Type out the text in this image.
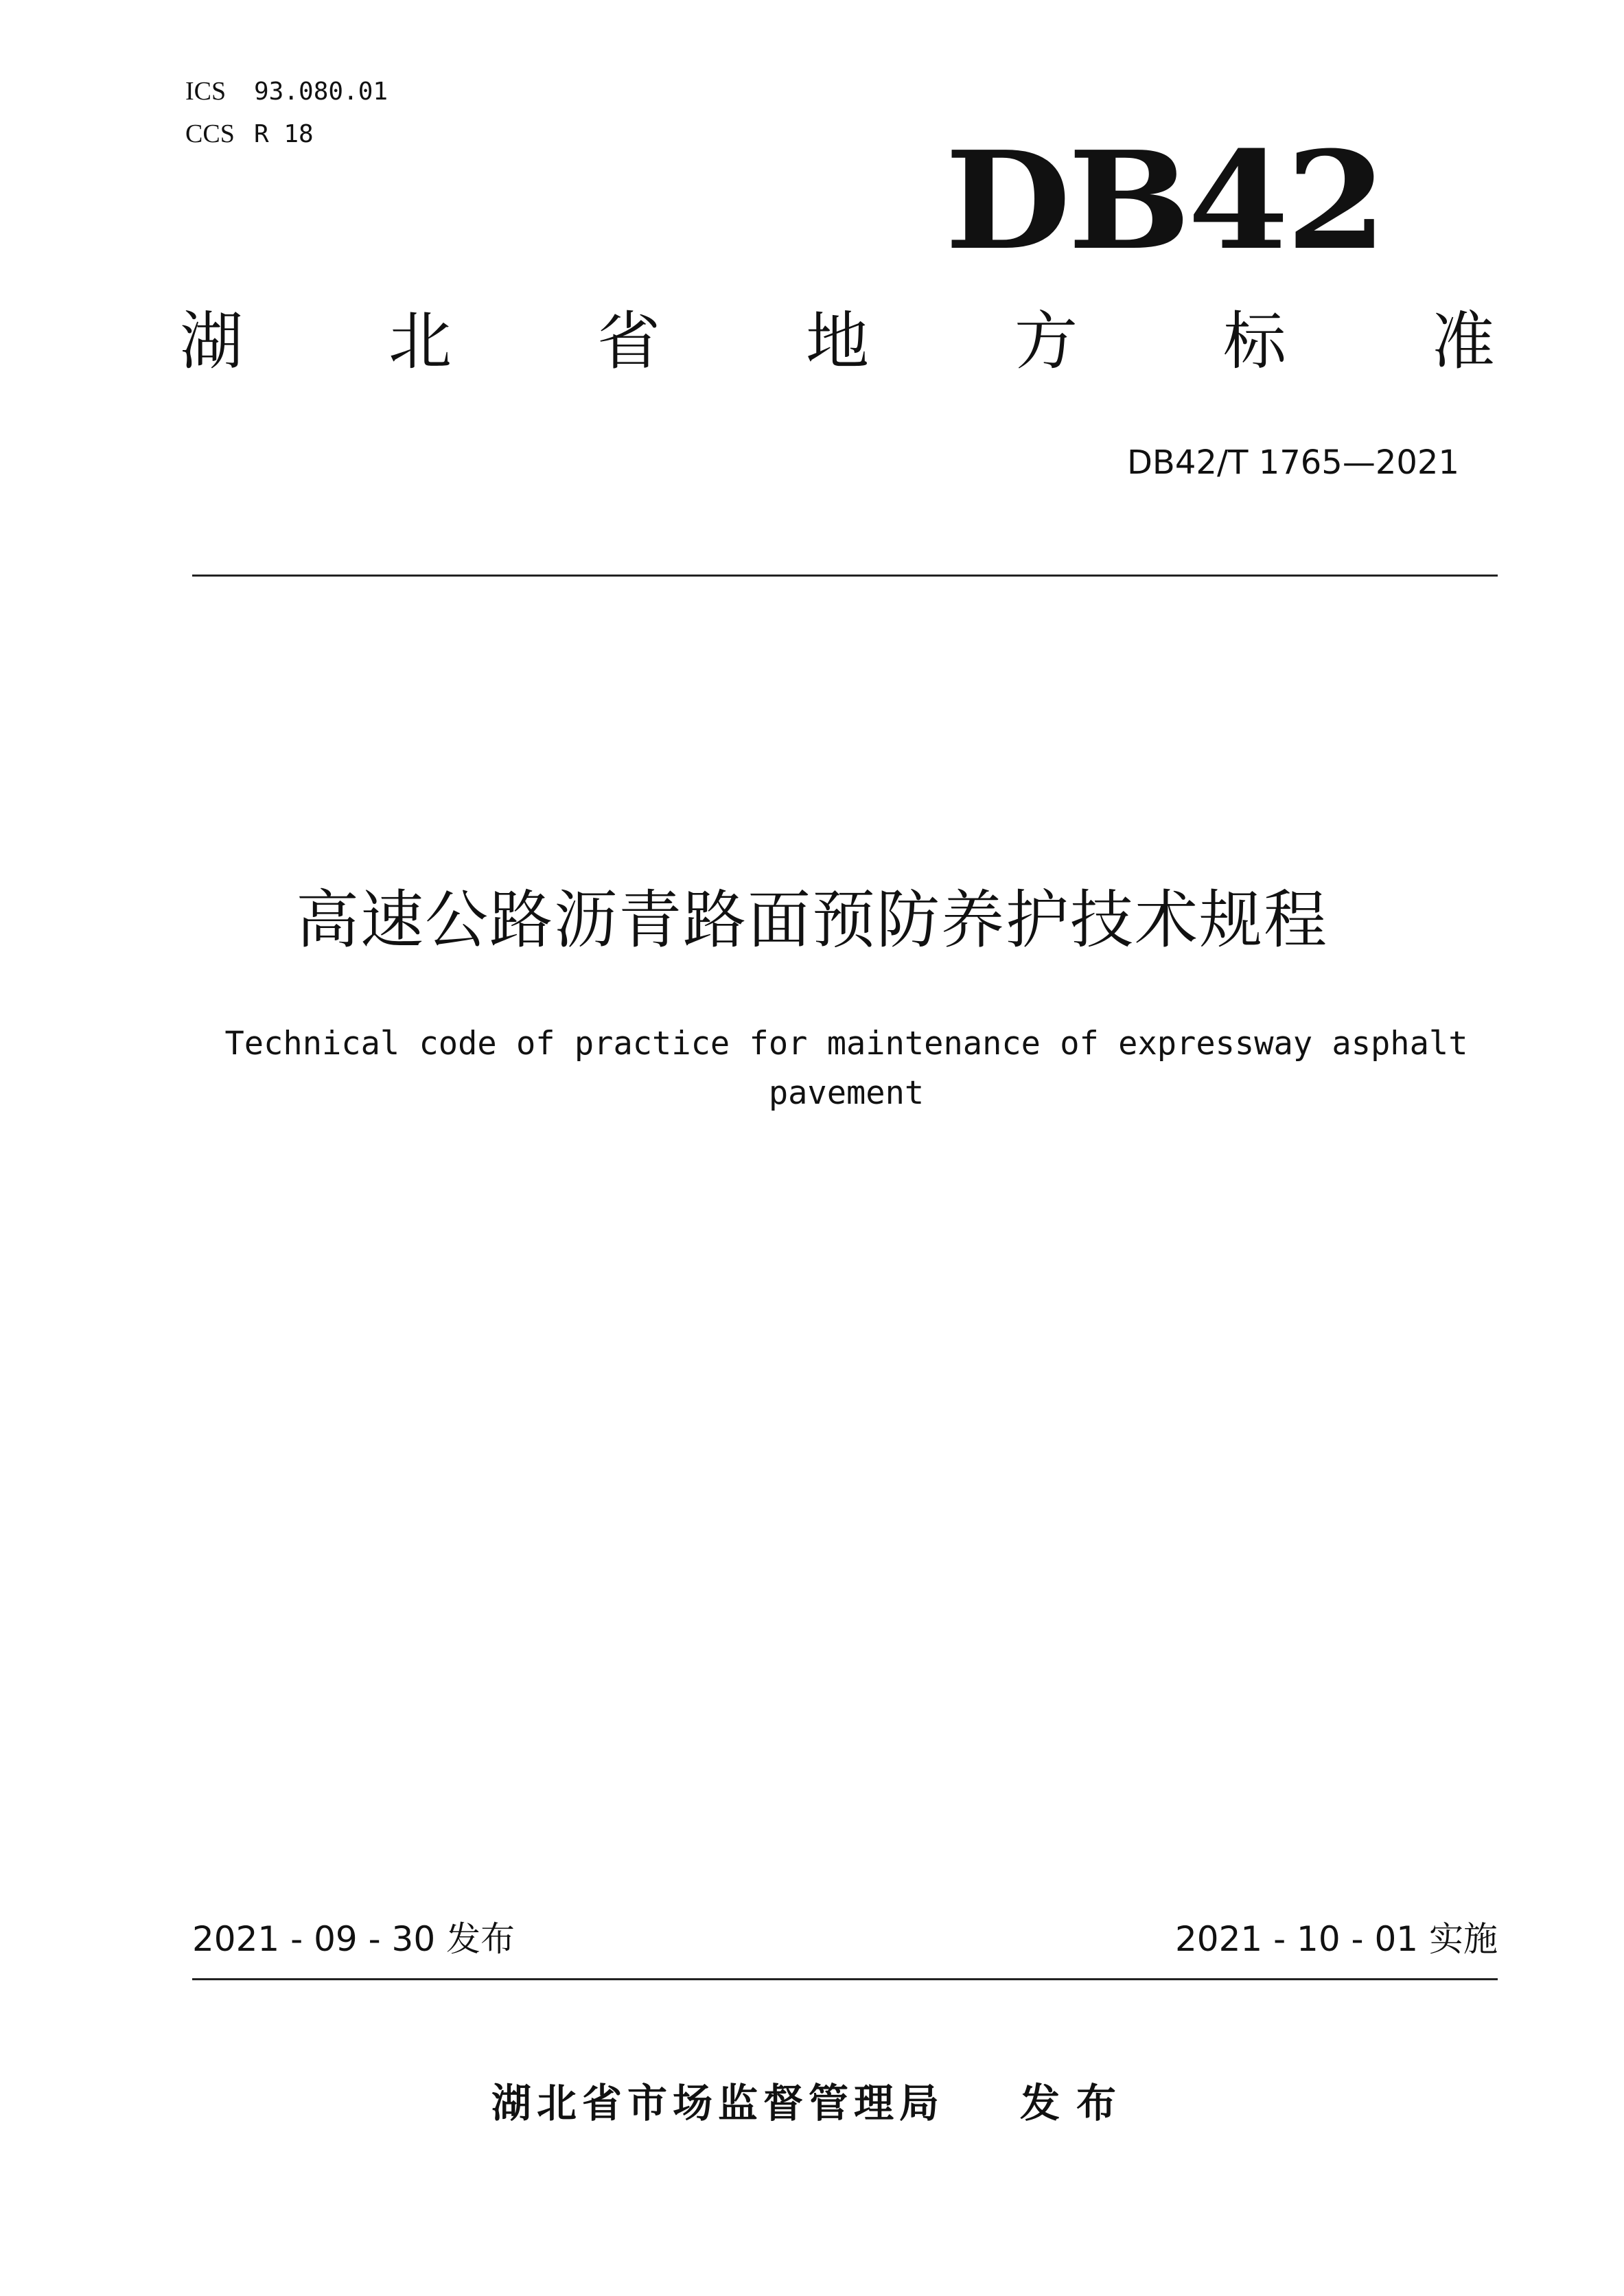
ICS 93.080.01
CCS R 18	DB42
湖 北 省 地 方 标 准
DB42/T 1765—2021
高速公路沥青路面预防养护技术规程
Technical code of practice for maintenance of expressway asphalt
pavement
2021 - 09 - 30 发布	2021 - 10 - 01 实施
湖北省市场监督管理局 发布
